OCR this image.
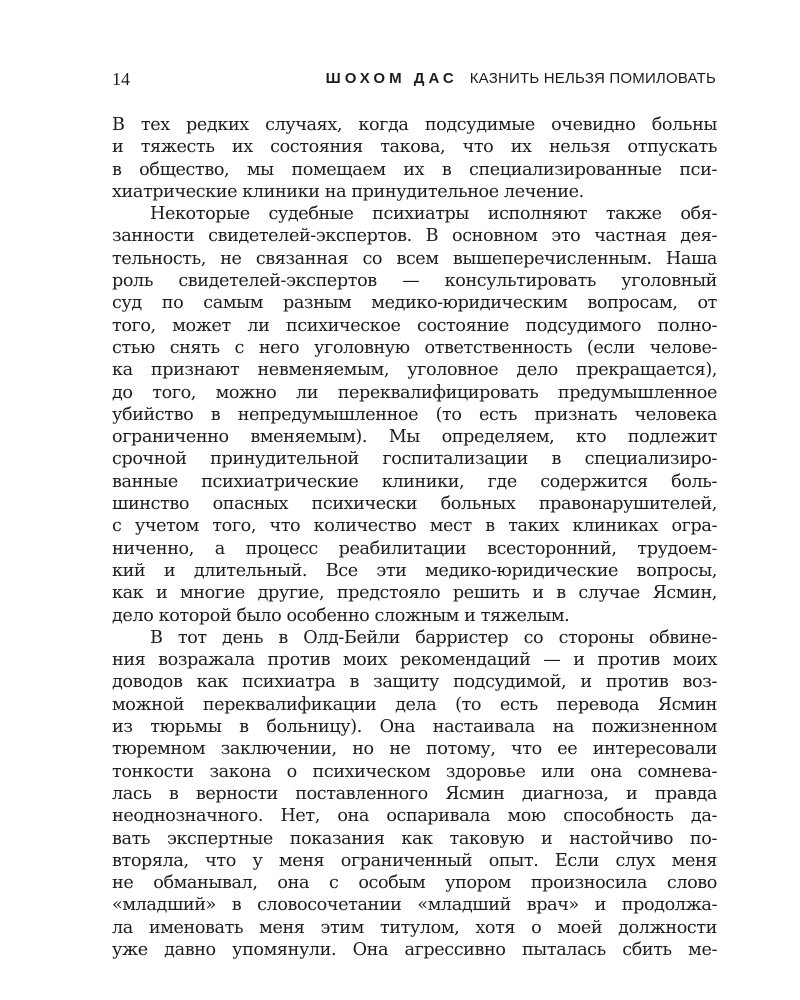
14	ШОХОМ ДАС КАЗНИТЬ НЕЛЬЗЯ ПОМИЛОВАТЬ
В тех редких случаях, когда подсудимые очевидно больны
и тяжесть их состояния такова, что их нельзя отпускать
в общество, мы помещаем их в специализированные пси-
хиатрические клиники на принудительное лечение.
Некоторые судебные психиатры исполняют также обя-
занности свидетелей-экспертов. В основном это частная дея-
тельность, не связанная со всем вышеперечисленным. Наша
роль свидетелей-экспертов — консультировать уголовный
суд по самым разным медико-юридическим вопросам, от
того, может ли психическое состояние подсудимого полно-
стью снять с него уголовную ответственность (если челове-
ка признают невменяемым, уголовное дело прекращается),
до того, можно ли переквалифицировать предумышленное
убийство в непредумышленное (то есть признать человека
ограниченно вменяемым). Мы определяем, кто подлежит
срочной принудительной госпитализации в специализиро-
ванные психиатрические клиники, где содержится боль-
шинство опасных психически больных правонарушителей,
с учетом того, что количество мест в таких клиниках огра-
ниченно, а процесс реабилитации всесторонний, трудоем-
кий и длительный. Все эти медико-юридические вопросы,
как и многие другие, предстояло решить и в случае Ясмин,
дело которой было особенно сложным и тяжелым.
В тот день в Олд-Бейли барристер со стороны обвине-
ния возражала против моих рекомендаций — и против моих
доводов как психиатра в защиту подсудимой, и против воз-
можной переквалификации дела (то есть перевода Ясмин
из тюрьмы в больницу). Она настаивала на пожизненном
тюремном заключении, но не потому, что ее интересовали
тонкости закона о психическом здоровье или она сомнева-
лась в верности поставленного Ясмин диагноза, и правда
неоднозначного. Нет, она оспаривала мою способность да-
вать экспертные показания как таковую и настойчиво по-
вторяла, что у меня ограниченный опыт. Если слух меня
не обманывал, она с особым упором произносила слово
«младший» в словосочетании «младший врач» и продолжа-
ла именовать меня этим титулом, хотя о моей должности
уже давно упомянули. Она агрессивно пыталась сбить ме-
